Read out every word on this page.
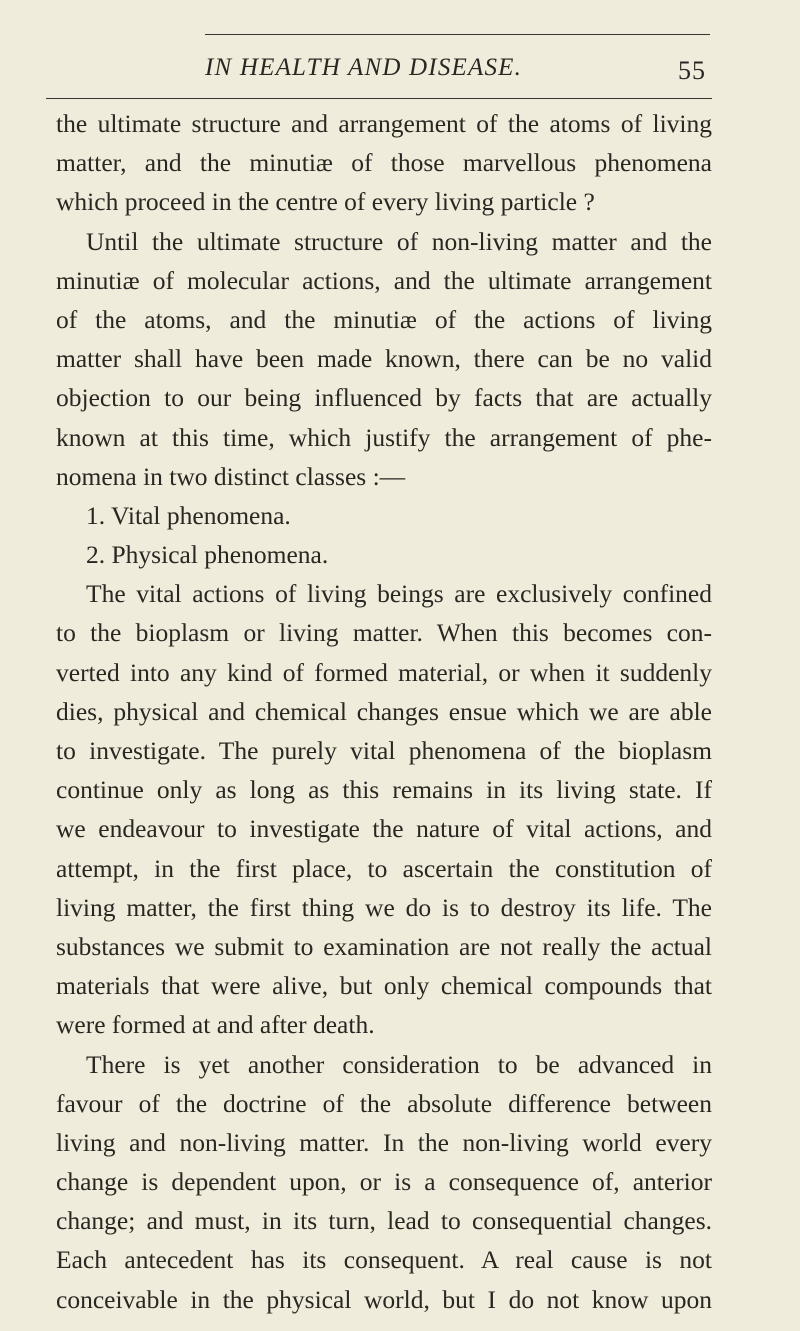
IN HEALTH AND DISEASE.	55
the ultimate structure and arrangement of the atoms of living
matter, and the minutiæ of those marvellous phenomena
which proceed in the centre of every living particle ?
Until the ultimate structure of non-living matter and the
minutiæ of molecular actions, and the ultimate arrangement
of the atoms, and the minutiæ of the actions of living
matter shall have been made known, there can be no valid
objection to our being influenced by facts that are actually
known at this time, which justify the arrangement of phe-
nomena in two distinct classes :—
1. Vital phenomena.
2. Physical phenomena.
The vital actions of living beings are exclusively confined
to the bioplasm or living matter. When this becomes con-
verted into any kind of formed material, or when it suddenly
dies, physical and chemical changes ensue which we are able
to investigate. The purely vital phenomena of the bioplasm
continue only as long as this remains in its living state. If
we endeavour to investigate the nature of vital actions, and
attempt, in the first place, to ascertain the constitution of
living matter, the first thing we do is to destroy its life. The
substances we submit to examination are not really the actual
materials that were alive, but only chemical compounds that
were formed at and after death.
There is yet another consideration to be advanced in
favour of the doctrine of the absolute difference between
living and non-living matter. In the non-living world every
change is dependent upon, or is a consequence of, anterior
change; and must, in its turn, lead to consequential changes.
Each antecedent has its consequent. A real cause is not
conceivable in the physical world, but I do not know upon
